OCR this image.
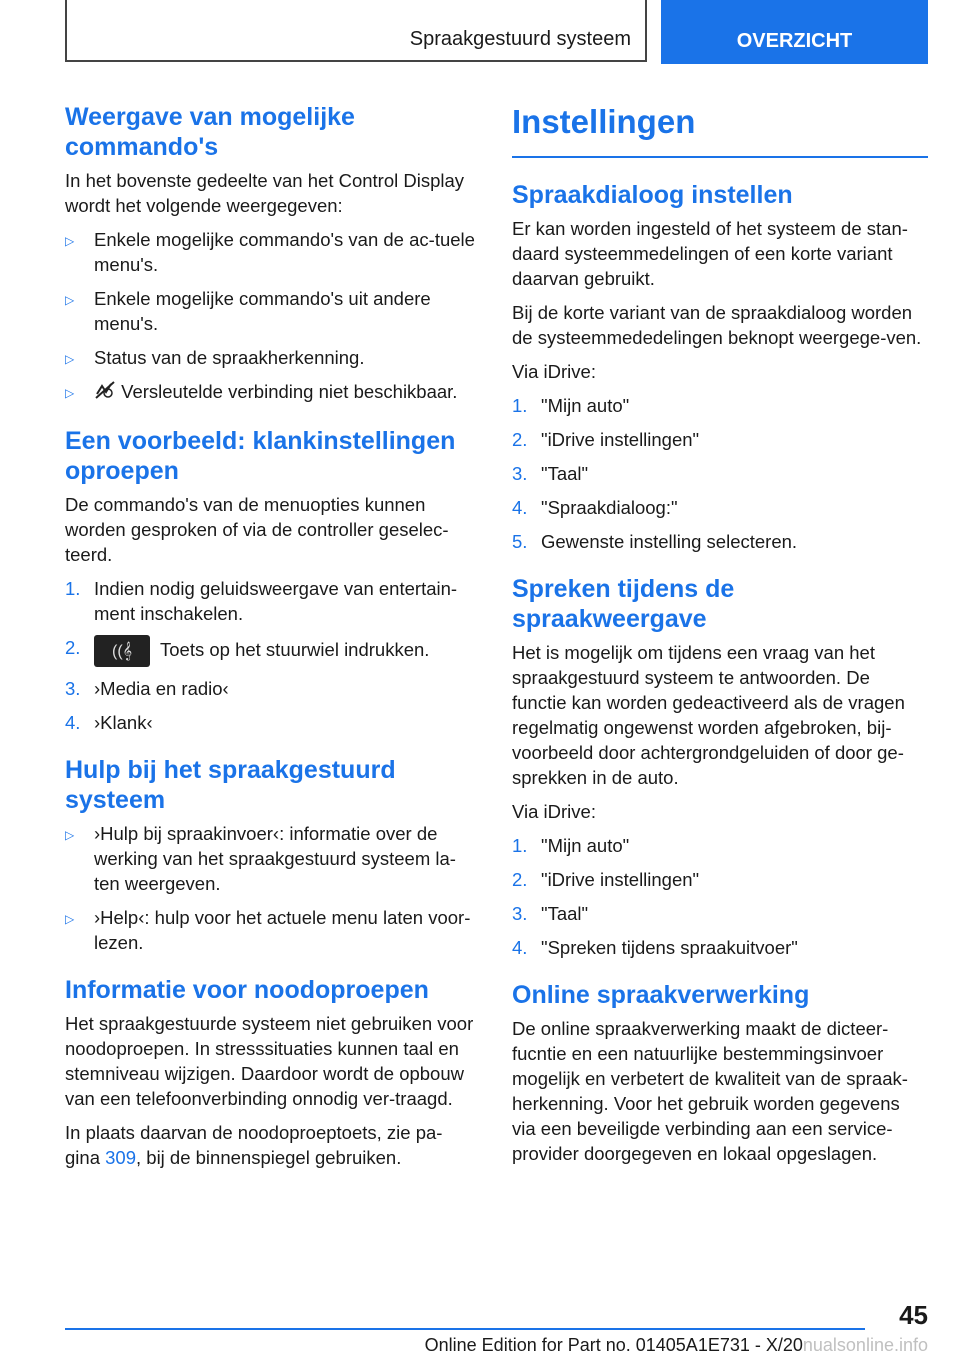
Spraakgestuurd systeem	OVERZICHT
Weergave van mogelijke commando's

In het bovenste gedeelte van het Control Display wordt het volgende weergegeven:

▷ Enkele mogelijke commando's van de ac-tuele menu's.
▷ Enkele mogelijke commando's uit andere menu's.
▷ Status van de spraakherkenning.
▷	Versleutelde verbinding niet beschikbaar.
Een voorbeeld: klankinstellingen oproepen

De commando's van de menuopties kunnen worden gesproken of via de controller geselec-teerd.

1. Indien nodig geluidsweergave van entertain-ment inschakelen.
2. ((𝄞 Toets op het stuurwiel indrukken.
3. ›Media en radio‹
4. ›Klank‹
Hulp bij het spraakgestuurd systeem
▷ ›Hulp bij spraakinvoer‹: informatie over de werking van het spraakgestuurd systeem la-ten weergeven.
▷ ›Help‹: hulp voor het actuele menu laten voor-lezen.
Informatie voor noodoproepen

Het spraakgestuurde systeem niet gebruiken voor noodoproepen. In stresssituaties kunnen taal en stemniveau wijzigen. Daardoor wordt de opbouw van een telefoonverbinding onnodig ver-traagd.

In plaats daarvan de noodoproeptoets, zie pa-gina 309, bij de binnenspiegel gebruiken.

Instellingen
Spraakdialoog instellen

Er kan worden ingesteld of het systeem de stan-daard systeemmedelingen of een korte variant daarvan gebruikt.

Bij de korte variant van de spraakdialoog worden de systeemmededelingen beknopt weergege-ven.

Via iDrive:

1. "Mijn auto"
2. "iDrive instellingen"
3. "Taal"
4. "Spraakdialoog:"
5. Gewenste instelling selecteren.
Spreken tijdens de spraakweergave

Het is mogelijk om tijdens een vraag van het spraakgestuurd systeem te antwoorden. De functie kan worden gedeactiveerd als de vragen regelmatig ongewenst worden afgebroken, bij-voorbeeld door achtergrondgeluiden of door ge-sprekken in de auto.

Via iDrive:

1. "Mijn auto"
2. "iDrive instellingen"
3. "Taal"
4. "Spreken tijdens spraakuitvoer"
Online spraakverwerking

De online spraakverwerking maakt de dicteer-fucntie en een natuurlijke bestemmingsinvoer mogelijk en verbetert de kwaliteit van de spraak-herkenning. Voor het gebruik worden gegevens via een beveiligde verbinding aan een service-provider doorgegeven en lokaal opgeslagen.

45
Online Edition for Part no. 01405A1E731 - X/20nualsonline.info
